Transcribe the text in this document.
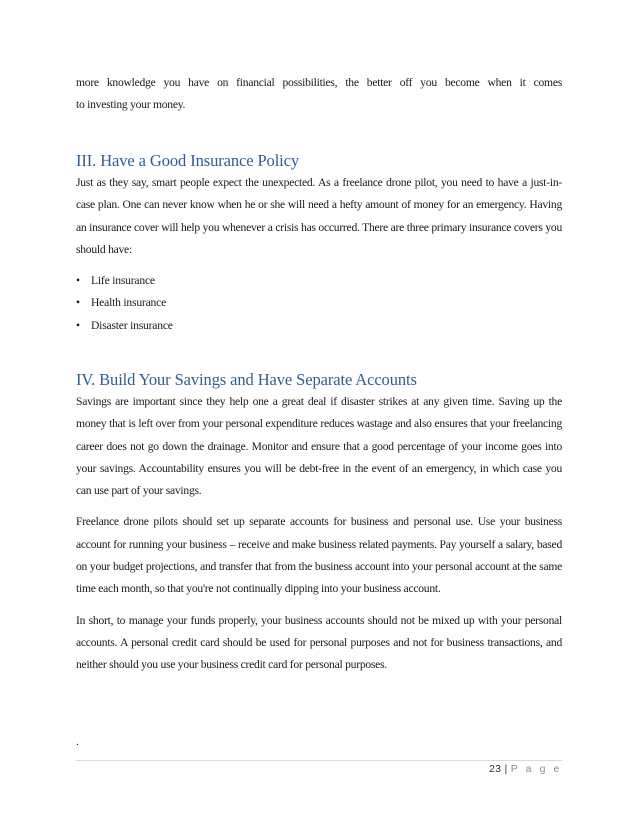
more knowledge you have on financial possibilities, the better off you become when it comes

to investing your money.

III. Have a Good Insurance Policy

Just as they say, smart people expect the unexpected. As a freelance drone pilot, you need to have a just-in-case plan. One can never know when he or she will need a hefty amount of money for an emergency. Having an insurance cover will help you whenever a crisis has occurred. There are three primary insurance covers you should have:

• Life insurance
• Health insurance
• Disaster insurance
IV. Build Your Savings and Have Separate Accounts

Savings are important since they help one a great deal if disaster strikes at any given time. Saving up the money that is left over from your personal expenditure reduces wastage and also ensures that your freelancing career does not go down the drainage. Monitor and ensure that a good percentage of your income goes into your savings. Accountability ensures you will be debt-free in the event of an emergency, in which case you can use part of your savings.

Freelance drone pilots should set up separate accounts for business and personal use. Use your business account for running your business – receive and make business related payments. Pay yourself a salary, based on your budget projections, and transfer that from the business account into your personal account at the same time each month, so that you're not continually dipping into your business account.

In short, to manage your funds properly, your business accounts should not be mixed up with your personal accounts. A personal credit card should be used for personal purposes and not for business transactions, and neither should you use your business credit card for personal purposes.

.
23 | P a g e
